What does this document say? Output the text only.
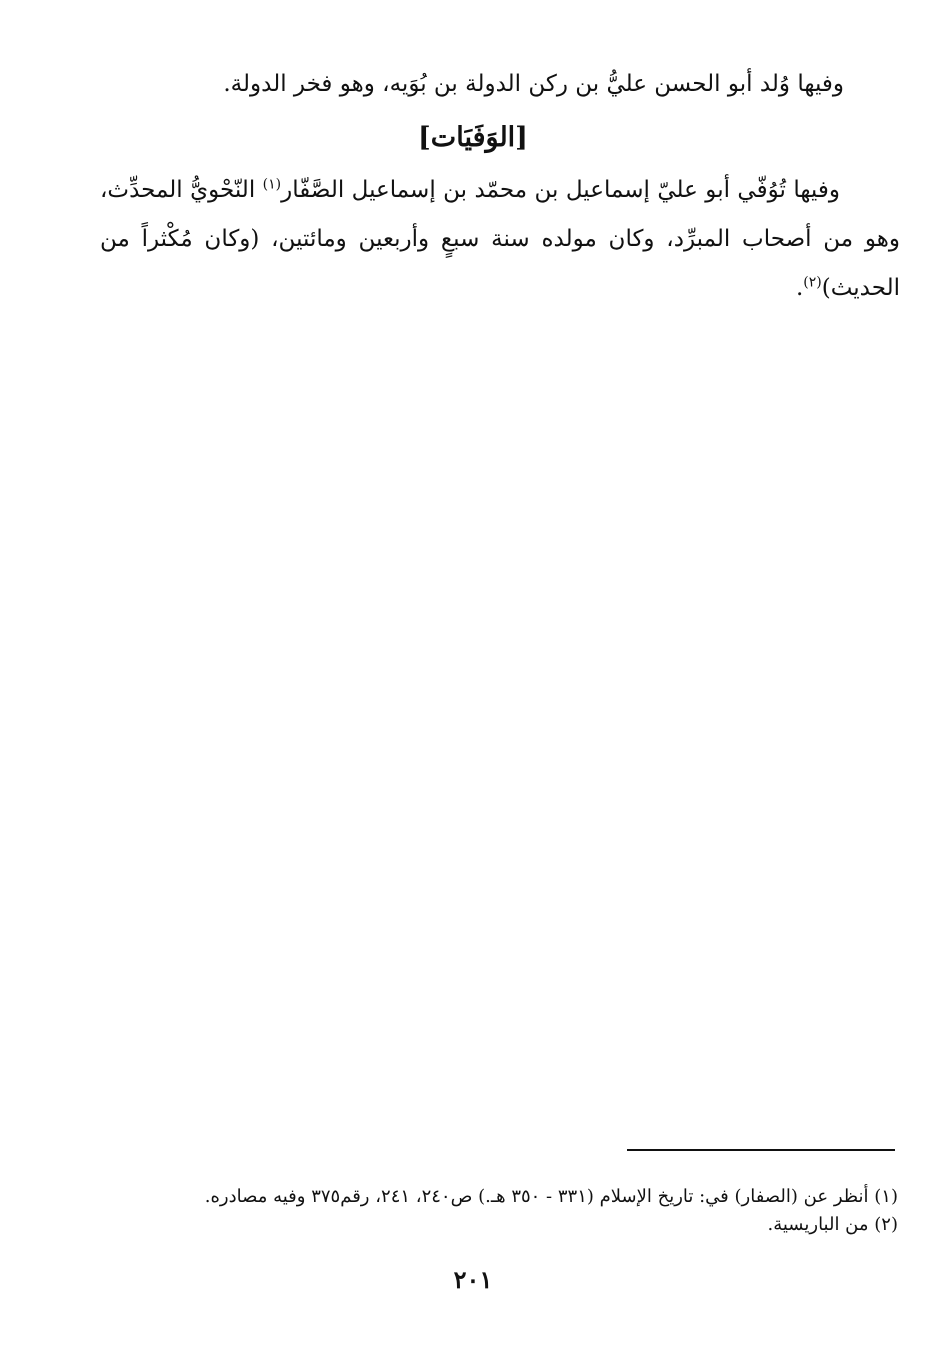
وفيها وُلد أبو الحسن عليُّ بن ركن الدولة بن بُوَيه، وهو فخر الدولة.
[الوَفَيَات]
وفيها تُوُفّي أبو عليّ إسماعيل بن محمّد بن إسماعيل الصَّفّار$^{(١)}$ النّحْويُّ المحدِّث، وهو من أصحاب المبرِّد، وكان مولده سنة سبعٍ وأربعين ومائتين، (وكان مُكْثراً من الحديث)$^{(٢)}$.
(١) أنظر عن (الصفار) في: تاريخ الإسلام (٣٣١ - ٣٥٠ هـ.) ص٢٤٠، ٢٤١، رقم٣٧٥ وفيه مصادره.
(٢) من الباريسية.
٢٠١
